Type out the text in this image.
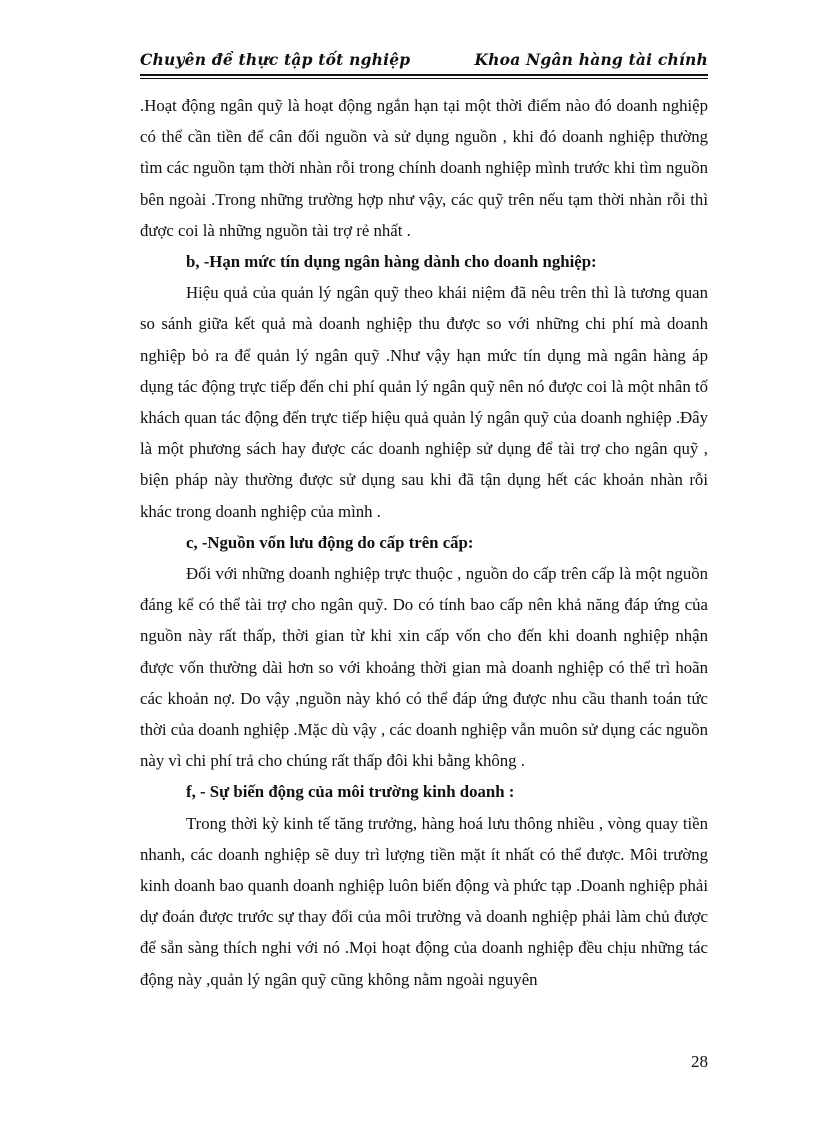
Chuyên đề thực tập tốt nghiệp	Khoa Ngân hàng tài chính

.Hoạt động ngân quỹ là hoạt động ngắn hạn tại một thời điểm nào đó doanh nghiệp có thể cần tiền để cân đối nguồn và sử dụng nguồn , khi đó doanh nghiệp thường tìm các nguồn tạm thời nhàn rỗi trong chính doanh nghiệp mình trước khi tìm nguồn bên ngoài .Trong những trường hợp như vậy, các quỹ trên nếu tạm thời nhàn rỗi thì được coi là những nguồn tài trợ rẻ nhất .

b, -Hạn mức tín dụng ngân hàng dành cho doanh nghiệp:

Hiệu quả của quản lý ngân quỹ theo khái niệm đã nêu trên thì là tương quan so sánh giữa kết quả mà doanh nghiệp thu được so với những chi phí mà doanh nghiệp bỏ ra để quản lý ngân quỹ .Như vậy hạn mức tín dụng mà ngân hàng áp dụng tác động trực tiếp đến chi phí quản lý ngân quỹ nên nó được coi là một nhân tố khách quan tác động đến trực tiếp hiệu quả quản lý ngân quỹ của doanh nghiệp .Đây là một phương sách hay được các doanh nghiệp sử dụng để tài trợ cho ngân quỹ , biện pháp này thường được sử dụng sau khi đã tận dụng hết các khoản nhàn rỗi khác trong doanh nghiệp của mình .

c, -Nguồn vốn lưu động do cấp trên cấp:

Đối với những doanh nghiệp trực thuộc , nguồn do cấp trên cấp là một nguồn đáng kể có thể tài trợ cho ngân quỹ. Do có tính bao cấp nên khả năng đáp ứng của nguồn này rất thấp, thời gian từ khi xin cấp vốn cho đến khi doanh nghiệp nhận được vốn thường dài hơn so với khoảng thời gian mà doanh nghiệp có thể trì hoãn các khoản nợ. Do vậy ,nguồn này khó có thể đáp ứng được nhu cầu thanh toán tức thời của doanh nghiệp .Mặc dù vậy , các doanh nghiệp vẫn muôn sử dụng các nguồn này vì chi phí trả cho chúng rất thấp đôi khi bằng không .

f, - Sự biến động của môi trường kinh doanh :

Trong thời kỳ kinh tế tăng trưởng, hàng hoá lưu thông nhiều , vòng quay tiền nhanh, các doanh nghiệp sẽ duy trì lượng tiền mặt ít nhất có thể được. Môi trường kinh doanh bao quanh doanh nghiệp luôn biến động và phức tạp .Doanh nghiệp phải dự đoán được trước sự thay đổi của môi trường và doanh nghiệp phải làm chủ được để sẵn sàng thích nghi với nó .Mọi hoạt động của doanh nghiệp đều chịu những tác động này ,quản lý ngân quỹ cũng không nằm ngoài nguyên

28
